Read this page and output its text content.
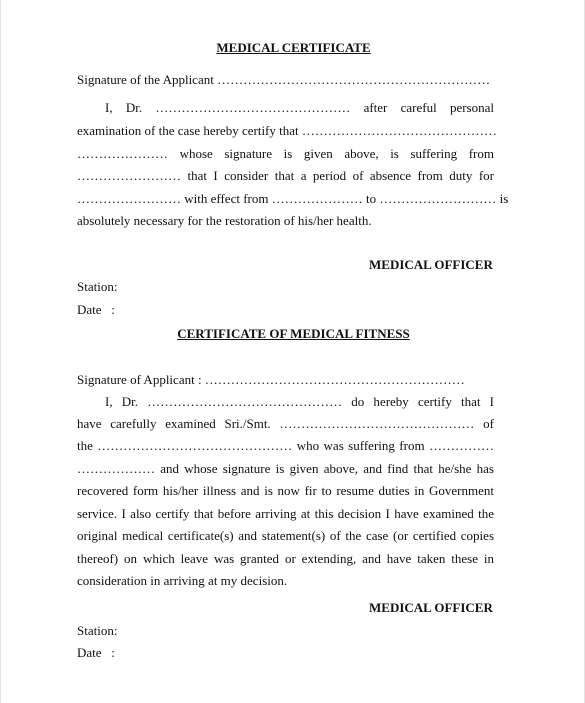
MEDICAL CERTIFICATE
Signature of the Applicant ………………………………………………………
I, Dr. ……………………………………… after careful personal
examination of the case hereby certify that ………………………………………
………………… whose signature is given above, is suffering from
…………………… that I consider that a period of absence from duty for
…………………… with effect from ………………… to ……………………… is
absolutely necessary for the restoration of his/her health.
MEDICAL OFFICER
Station:
Date   :
CERTIFICATE OF MEDICAL FITNESS
Signature of Applicant : ……………………………………………………
I, Dr. ……………………………………… do hereby certify that I
have carefully examined Sri./Smt. ……………………………………… of
the ……………………………………… who was suffering from ……………
……………… and whose signature is given above, and find that he/she has
recovered form his/her illness and is now fir to resume duties in Government
service. I also certify that before arriving at this decision I have examined the
original medical certificate(s) and statement(s) of the case (or certified copies
thereof) on which leave was granted or extending, and have taken these in
consideration in arriving at my decision.
MEDICAL OFFICER
Station:
Date   :
